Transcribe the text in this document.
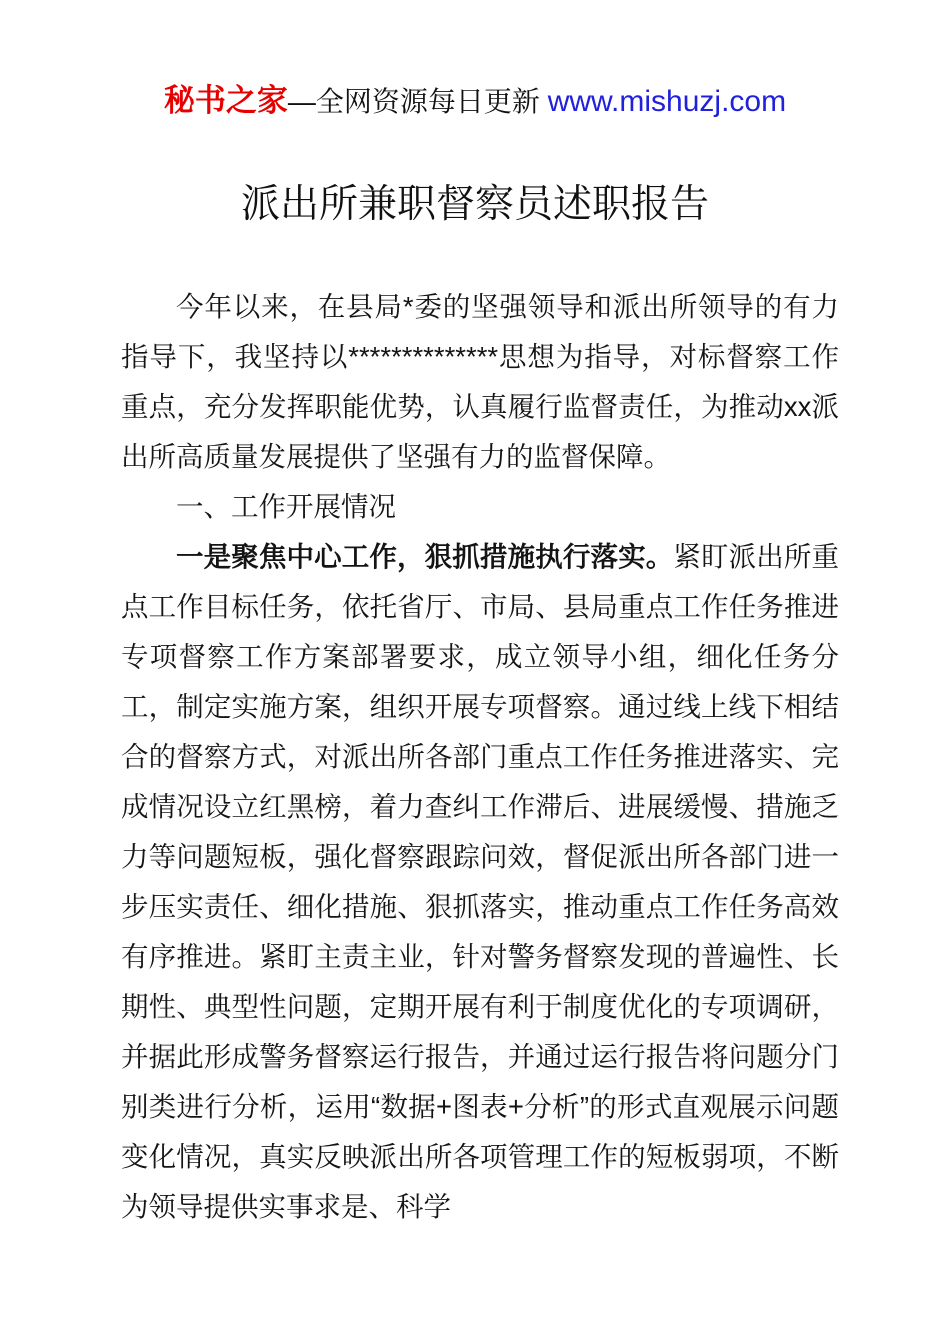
秘书之家—全网资源每日更新 www.mishuzj.com
派出所兼职督察员述职报告

今年以来，在县局*委的坚强领导和派出所领导的有力指导下，我坚持以**************思想为指导，对标督察工作重点，充分发挥职能优势，认真履行监督责任，为推动xx派出所高质量发展提供了坚强有力的监督保障。

一、工作开展情况

一是聚焦中心工作，狠抓措施执行落实。紧盯派出所重点工作目标任务，依托省厅、市局、县局重点工作任务推进专项督察工作方案部署要求，成立领导小组，细化任务分工，制定实施方案，组织开展专项督察。通过线上线下相结合的督察方式，对派出所各部门重点工作任务推进落实、完成情况设立红黑榜，着力查纠工作滞后、进展缓慢、措施乏力等问题短板，强化督察跟踪问效，督促派出所各部门进一步压实责任、细化措施、狠抓落实，推动重点工作任务高效有序推进。紧盯主责主业，针对警务督察发现的普遍性、长期性、典型性问题，定期开展有利于制度优化的专项调研，并据此形成警务督察运行报告，并通过运行报告将问题分门别类进行分析，运用“数据+图表+分析”的形式直观展示问题变化情况，真实反映派出所各项管理工作的短板弱项，不断为领导提供实事求是、科学
